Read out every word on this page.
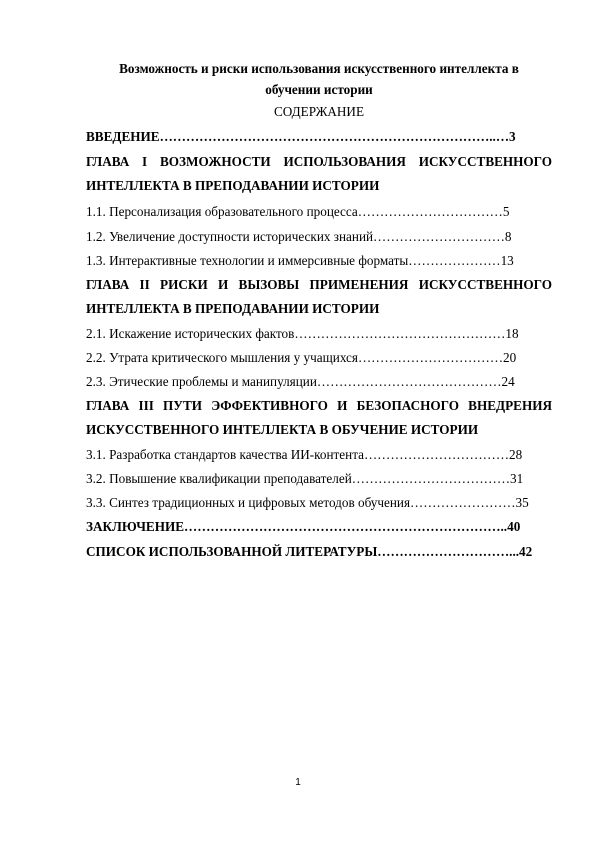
Возможность и риски использования искусственного интеллекта в
обучении истории
СОДЕРЖАНИЕ
ВВЕДЕНИЕ…………………………………………………………………..…3
ГЛАВА I ВОЗМОЖНОСТИ ИСПОЛЬЗОВАНИЯ ИСКУССТВЕННОГО
ИНТЕЛЛЕКТА В ПРЕПОДАВАНИИ ИСТОРИИ
1.1. Персонализация образовательного процесса……………………………5
1.2. Увеличение доступности исторических знаний…………………………8
1.3. Интерактивные технологии и иммерсивные форматы…………………13
ГЛАВА II РИСКИ И ВЫЗОВЫ ПРИМЕНЕНИЯ ИСКУССТВЕННОГО
ИНТЕЛЛЕКТА В ПРЕПОДАВАНИИ ИСТОРИИ
2.1. Искажение исторических фактов…………………………………………18
2.2. Утрата критического мышления у учащихся……………………………20
2.3. Этические проблемы и манипуляции……………………………………24
ГЛАВА III ПУТИ ЭФФЕКТИВНОГО И БЕЗОПАСНОГО ВНЕДРЕНИЯ
ИСКУССТВЕННОГО ИНТЕЛЛЕКТА В ОБУЧЕНИЕ ИСТОРИИ
3.1. Разработка стандартов качества ИИ-контента……………………………28
3.2. Повышение квалификации преподавателей………………………………31
3.3. Синтез традиционных и цифровых методов обучения……………………35
ЗАКЛЮЧЕНИЕ………………………………………………………………..40
СПИСОК ИСПОЛЬЗОВАННОЙ ЛИТЕРАТУРЫ…………………………...42
1
